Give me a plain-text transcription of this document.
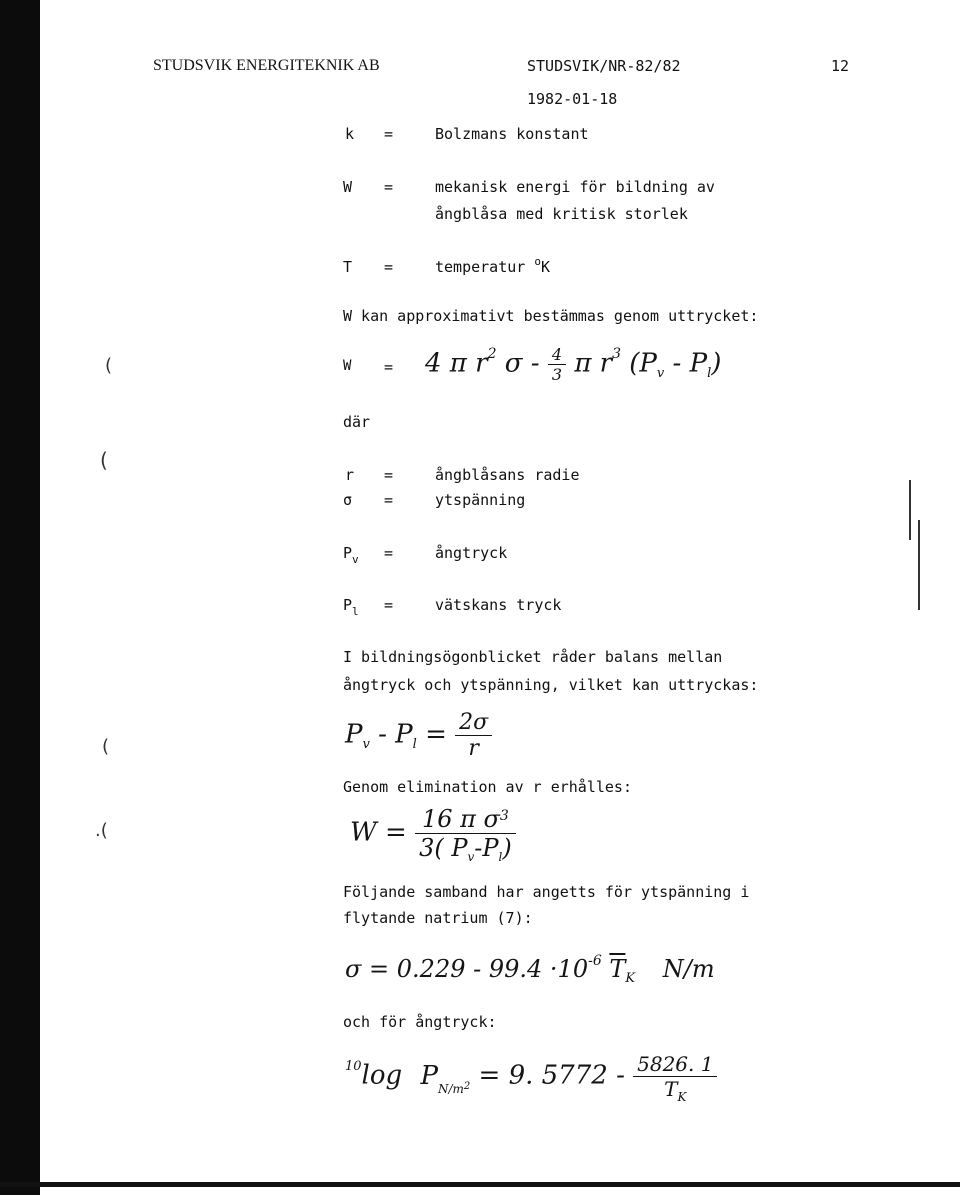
STUDSVIK ENERGITEKNIK AB	STUDSVIK/NR-82/82	12
1982-01-18
k =	Bolzmans konstant
W =	mekanisk energi för bildning av
ångblåsa med kritisk storlek
T =	temperatur $^o$K
W kan approximativt bestämmas genom uttrycket:
W = 4 π $r^2$ σ - $\frac{4}{3}$ π $r^3$ (Pv - Pl)
där
r =	ångblåsans radie
σ =	ytspänning
$P_v$ =	ångtryck
$P_l$ =	vätskans tryck
I bildningsögonblicket råder balans mellan
ångtryck och ytspänning, vilket kan uttryckas:
$Pv - Pl = \frac{2\sigma}{r}$
Genom elimination av r erhålles:
$W = \frac{16 \pi \sigma^3}{3( P_v-P_l)}$
Följande samband har angetts för ytspänning i
flytande natrium (7):
$\sigma = 0.229 - 99.4 \cdot 10^{-6}$ $\overline{T}_K$ N/m
och för ångtryck:
$^{10}$log $P_{N/m^2} = 9$. $5772 - \frac{5826. 1}{T_K}$
(
(
(
.(
